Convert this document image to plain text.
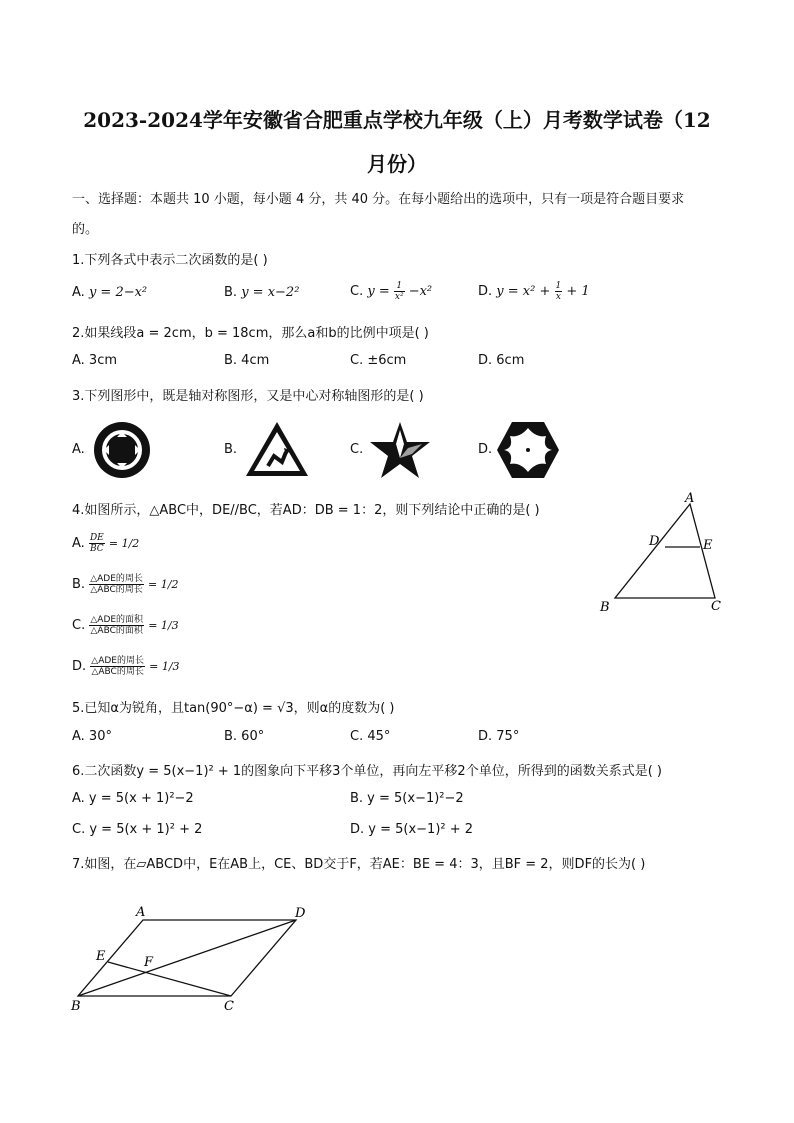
2023-2024学年安徽省合肥重点学校九年级（上）月考数学试卷（12
月份）
一、选择题：本题共 10 小题，每小题 4 分，共 40 分。在每小题给出的选项中，只有一项是符合题目要求
的。
1.下列各式中表示二次函数的是( )
A. y = 2−x²	B. y = x−2²	C. $y = \frac{1}{\text{x²}} -x^2$	D. $y = x^2 + \frac{1}{x} + 1$
2.如果线段a = 2cm，b = 18cm，那么a和b的比例中项是( )
A. 3cm	B. 4cm	C. ±6cm	D. 6cm
3.下列图形中，既是轴对称图形，又是中心对称轴图形的是( )
A.	B.	C.	D.
4.如图所示，△ABC中，DE//BC，若AD：DB = 1：2，则下列结论中正确的是( )
A. $\frac{DE}{BC} = 1/2$
B. $\frac{\text{△ADE的周长}}{\text{△ABC的周长}} = 1/2$
C. $\frac{\text{△ADE的面积}}{\text{△ABC的面积}} = 1/3$
D. $\frac{\text{△ADE的周长}}{\text{△ABC的周长}} = 1/3$
A
D	E
B	C
5.已知α为锐角，且tan(90°−α) = √3，则α的度数为( )
A. 30°	B. 60°	C. 45°	D. 75°
6.二次函数y = 5(x−1)² + 1的图象向下平移3个单位，再向左平移2个单位，所得到的函数关系式是( )
A. y = 5(x + 1)²−2	B. y = 5(x−1)²−2
C. y = 5(x + 1)² + 2	D. y = 5(x−1)² + 2
7.如图，在▱ABCD中，E在AB上，CE、BD交于F，若AE：BE = 4：3，且BF = 2，则DF的长为( )
A	D
E	F
B	C
